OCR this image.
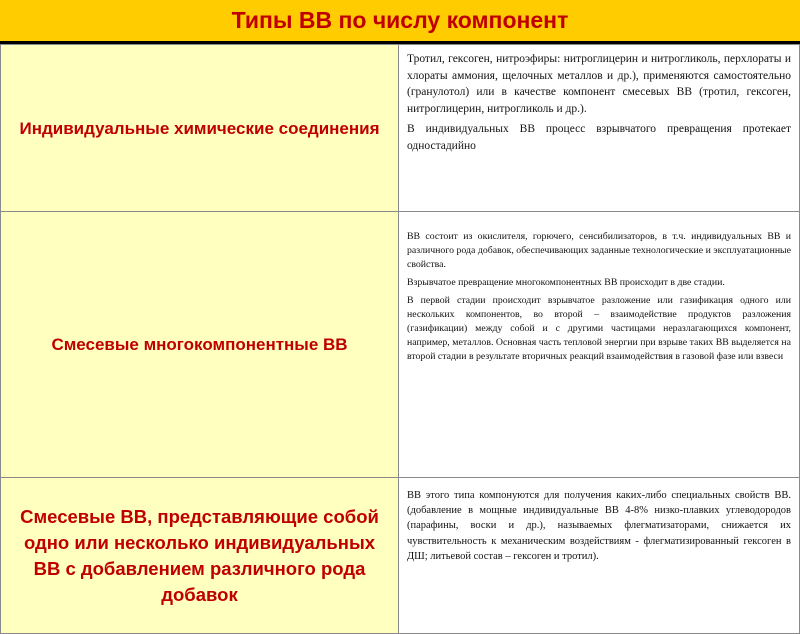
Типы ВВ по числу компонент
Индивидуальные химические соединения	Тротил, гексоген, нитроэфиры: нитроглицерин и нитрогликоль, перхлораты и хлораты аммония, щелочных металлов и др.), применяются самостоятельно (гранулотол) или в качестве компонент смесевых ВВ (тротил, гексоген, нитроглицерин, нитрогликоль и др.).

В индивидуальных ВВ процесс взрывчатого превращения протекает одностадийно

Смесевые многокомпонентные ВВ	ВВ состоит из окислителя, горючего, сенсибилизаторов, в т.ч. индивидуальных ВВ и различного рода добавок, обеспечивающих заданные технологические и эксплуатационные свойства.

Взрывчатое превращение многокомпонентных ВВ происходит в две стадии.

В первой стадии происходит взрывчатое разложение или газификация одного или нескольких компонентов, во второй – взаимодействие продуктов разложения (газификации) между собой и с другими частицами неразлагающихся компонент, например, металлов. Основная часть тепловой энергии при взрыве таких ВВ выделяется на второй стадии в результате вторичных реакций взаимодействия в газовой фазе или взвеси

Смесевые ВВ, представляющие собой одно или несколько индивидуальных ВВ с добавлением различного рода добавок	ВВ этого типа компонуются для получения каких-либо специальных свойств ВВ. (добавление в мощные индивидуальные ВВ 4-8% низко-плавких углеводородов (парафины, воски и др.), называемых флегматизаторами, снижается их чувствительность к механическим воздействиям - флегматизированный гексоген в ДШ; литьевой состав – гексоген и тротил).
